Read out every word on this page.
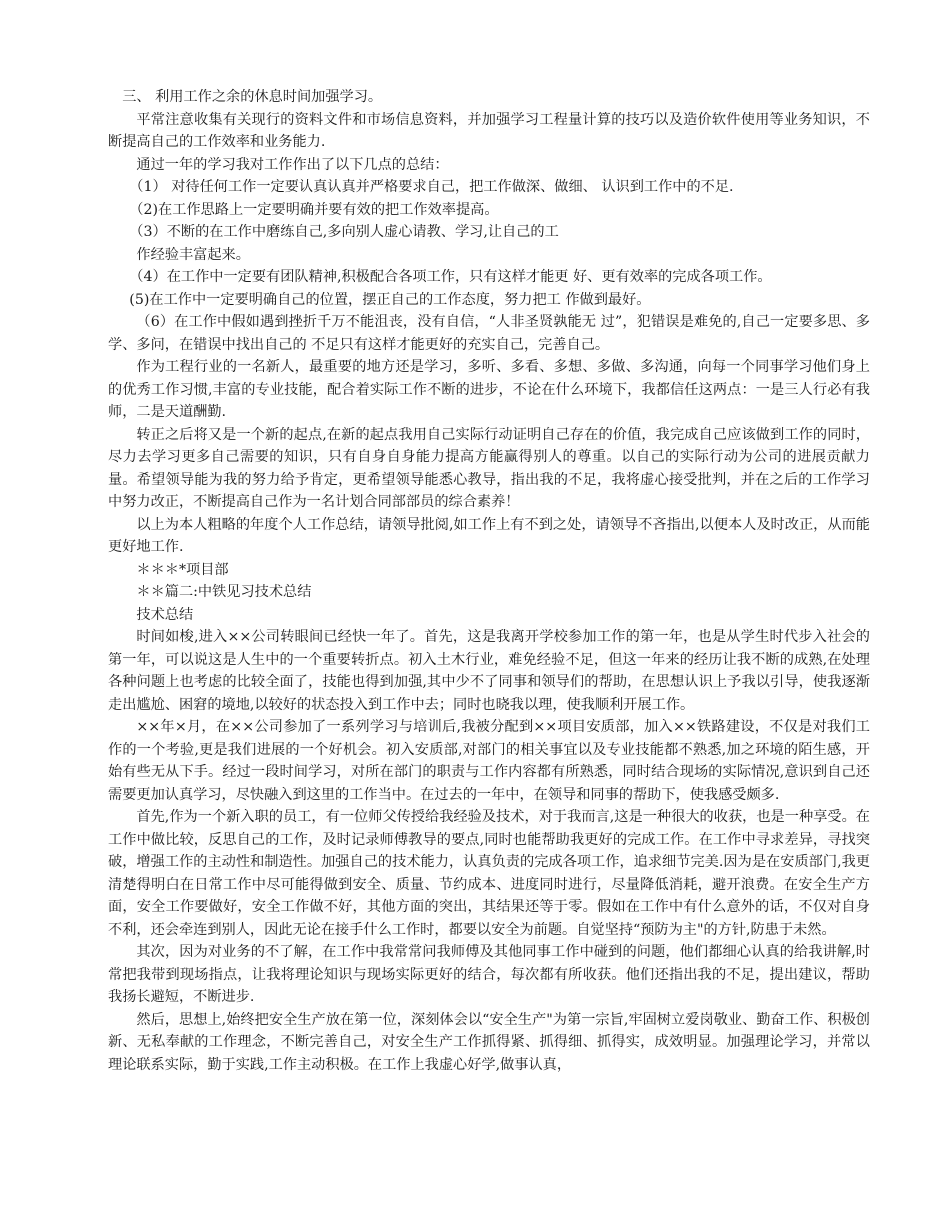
三、 利用工作之余的休息时间加强学习。

平常注意收集有关现行的资料文件和市场信息资料，并加强学习工程量计算的技巧以及造价软件使用等业务知识，不断提高自己的工作效率和业务能力.

通过一年的学习我对工作作出了以下几点的总结：

（1） 对待任何工作一定要认真认真并严格要求自己，把工作做深、做细、 认识到工作中的不足.

（2)在工作思路上一定要明确并要有效的把工作效率提高。

（3）不断的在工作中磨练自己,多向别人虚心请教、学习,让自己的工

作经验丰富起来。

（4）在工作中一定要有团队精神,积极配合各项工作，只有这样才能更 好、更有效率的完成各项工作。

(5)在工作中一定要明确自己的位置，摆正自己的工作态度，努力把工 作做到最好。

（6）在工作中假如遇到挫折千万不能沮丧，没有自信，“人非圣贤孰能无 过”，犯错误是难免的,自己一定要多思、多学、多问，在错误中找出自己的 不足只有这样才能更好的充实自己，完善自己。

作为工程行业的一名新人，最重要的地方还是学习，多听、多看、多想、多做、多沟通，向每一个同事学习他们身上的优秀工作习惯,丰富的专业技能，配合着实际工作不断的进步，不论在什么环境下，我都信任这两点：一是三人行必有我师，二是天道酬勤.

转正之后将又是一个新的起点,在新的起点我用自己实际行动证明自己存在的价值，我完成自己应该做到工作的同时，尽力去学习更多自己需要的知识，只有自身自身能力提高方能赢得别人的尊重。以自己的实际行动为公司的进展贡献力量。希望领导能为我的努力给予肯定，更希望领导能悉心教导，指出我的不足，我将虚心接受批判，并在之后的工作学习中努力改正，不断提高自己作为一名计划合同部部员的综合素养！

以上为本人粗略的年度个人工作总结，请领导批阅,如工作上有不到之处，请领导不吝指出,以便本人及时改正，从而能更好地工作.

＊＊＊*项目部

＊＊篇二:中铁见习技术总结

技术总结

时间如梭,进入××公司转眼间已经快一年了。首先，这是我离开学校参加工作的第一年，也是从学生时代步入社会的第一年，可以说这是人生中的一个重要转折点。初入土木行业，难免经验不足，但这一年来的经历让我不断的成熟,在处理各种问题上也考虑的比较全面了，技能也得到加强,其中少不了同事和领导们的帮助，在思想认识上予我以引导，使我逐渐走出尴尬、困窘的境地,以较好的状态投入到工作中去；同时也晓我以理，使我顺利开展工作。

××年×月，在××公司参加了一系列学习与培训后,我被分配到××项目安质部，加入××铁路建设，不仅是对我们工作的一个考验,更是我们进展的一个好机会。初入安质部,对部门的相关事宜以及专业技能都不熟悉,加之环境的陌生感，开始有些无从下手。经过一段时间学习，对所在部门的职责与工作内容都有所熟悉，同时结合现场的实际情况,意识到自己还需要更加认真学习，尽快融入到这里的工作当中。在过去的一年中，在领导和同事的帮助下，使我感受颇多.

首先,作为一个新入职的员工，有一位师父传授给我经验及技术，对于我而言,这是一种很大的收获，也是一种享受。在工作中做比较，反思自己的工作，及时记录师傅教导的要点,同时也能帮助我更好的完成工作。在工作中寻求差异，寻找突破，增强工作的主动性和制造性。加强自己的技术能力，认真负责的完成各项工作，追求细节完美.因为是在安质部门,我更清楚得明白在日常工作中尽可能得做到安全、质量、节约成本、进度同时进行，尽量降低消耗，避开浪费。在安全生产方面，安全工作要做好，安全工作做不好，其他方面的突出，其结果还等于零。假如在工作中有什么意外的话，不仅对自身不利，还会牵连到别人，因此无论在接手什么工作时，都要以安全为前题。自觉坚持“预防为主"的方针,防患于未然。

其次，因为对业务的不了解，在工作中我常常问我师傅及其他同事工作中碰到的问题，他们都细心认真的给我讲解,时常把我带到现场指点，让我将理论知识与现场实际更好的结合，每次都有所收获。他们还指出我的不足，提出建议，帮助我扬长避短，不断进步.

然后，思想上,始终把安全生产放在第一位，深刻体会以“安全生产"为第一宗旨,牢固树立爱岗敬业、勤奋工作、积极创新、无私奉献的工作理念，不断完善自己，对安全生产工作抓得紧、抓得细、抓得实，成效明显。加强理论学习，并常以理论联系实际，勤于实践,工作主动积极。在工作上我虚心好学,做事认真，
